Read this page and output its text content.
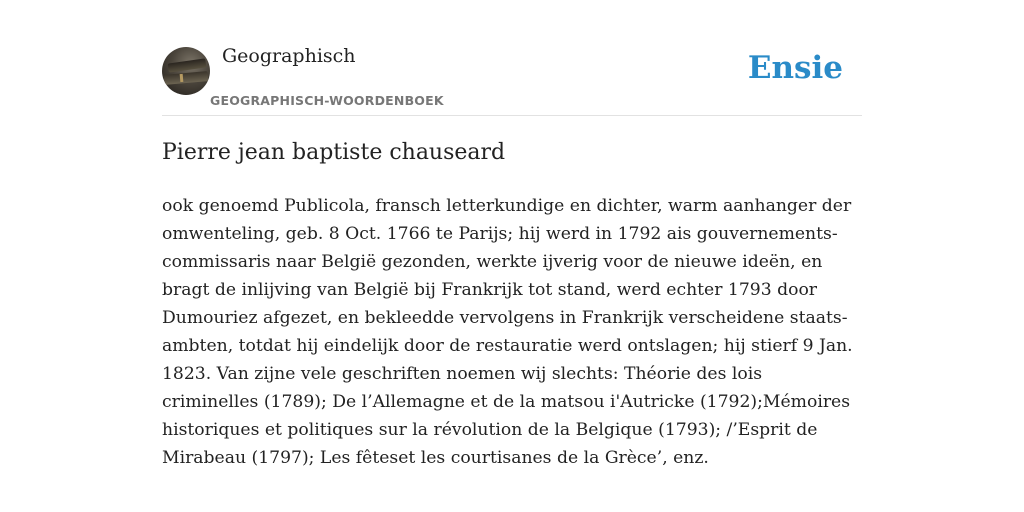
Geographisch
GEOGRAPHISCH-WOORDENBOEK
Ensie
Pierre jean baptiste chauseard

ook genoemd Publicola, fransch letterkundige en dichter, warm aanhanger der omwenteling, geb. 8 Oct. 1766 te Parijs; hij werd in 1792 ais gouvernements-commissaris naar België gezonden, werkte ijverig voor de nieuwe ideën, en bragt de inlijving van België bij Frankrijk tot stand, werd echter 1793 door Dumouriez afgezet, en bekleedde vervolgens in Frankrijk verscheidene staats-ambten, totdat hij eindelijk door de restauratie werd ontslagen; hij stierf 9 Jan. 1823. Van zijne vele geschriften noemen wij slechts: Théorie des lois criminelles (1789); De l’Allemagne et de la matsou i'Autricke (1792);Mémoires historiques et politiques sur la révolution de la Belgique (1793); /’Esprit de Mirabeau (1797); Les fêteset les courtisanes de la Grèce’, enz.
